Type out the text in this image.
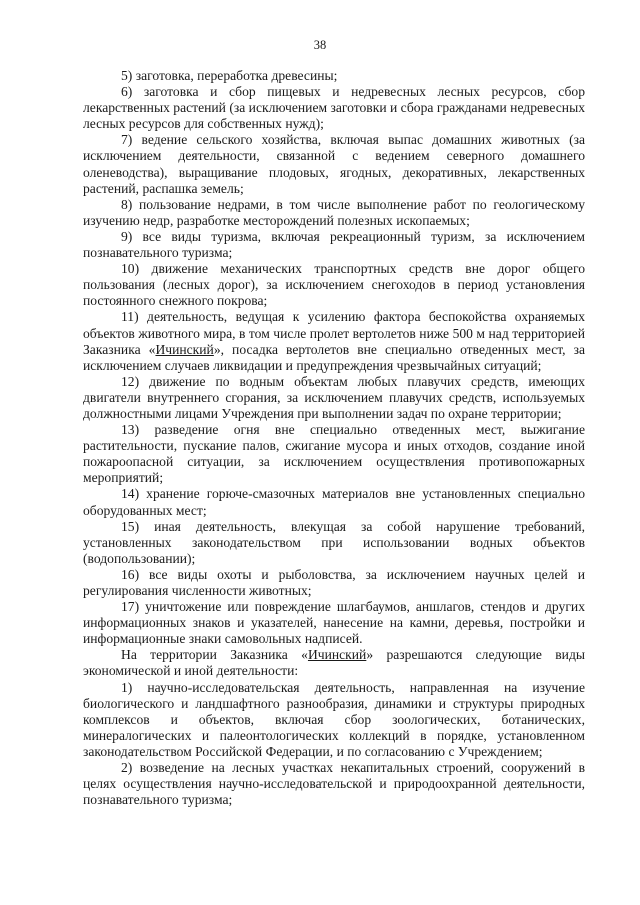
38

5) заготовка, переработка древесины;

6) заготовка и сбор пищевых и недревесных лесных ресурсов, сбор лекарственных растений (за исключением заготовки и сбора гражданами недревесных лесных ресурсов для собственных нужд);

7) ведение сельского хозяйства, включая выпас домашних животных (за исключением деятельности, связанной с ведением северного домашнего оленеводства), выращивание плодовых, ягодных, декоративных, лекарственных растений, распашка земель;

8) пользование недрами, в том числе выполнение работ по геологическому изучению недр, разработке месторождений полезных ископаемых;

9) все виды туризма, включая рекреационный туризм, за исключением познавательного туризма;

10) движение механических транспортных средств вне дорог общего пользования (лесных дорог), за исключением снегоходов в период установления постоянного снежного покрова;

11) деятельность, ведущая к усилению фактора беспокойства охраняемых объектов животного мира, в том числе пролет вертолетов ниже 500 м над территорией Заказника «Ичинский», посадка вертолетов вне специально отведенных мест, за исключением случаев ликвидации и предупреждения чрезвычайных ситуаций;

12) движение по водным объектам любых плавучих средств, имеющих двигатели внутреннего сгорания, за исключением плавучих средств, используемых должностными лицами Учреждения при выполнении задач по охране территории;

13) разведение огня вне специально отведенных мест, выжигание растительности, пускание палов, сжигание мусора и иных отходов, создание иной пожароопасной ситуации, за исключением осуществления противопожарных мероприятий;

14) хранение горюче-смазочных материалов вне установленных специально оборудованных мест;

15) иная деятельность, влекущая за собой нарушение требований, установленных законодательством при использовании водных объектов (водопользовании);

16) все виды охоты и рыболовства, за исключением научных целей и регулирования численности животных;

17) уничтожение или повреждение шлагбаумов, аншлагов, стендов и других информационных знаков и указателей, нанесение на камни, деревья, постройки и информационные знаки самовольных надписей.

На территории Заказника «Ичинский» разрешаются следующие виды экономической и иной деятельности:

1) научно-исследовательская деятельность, направленная на изучение биологического и ландшафтного разнообразия, динамики и структуры природных комплексов и объектов, включая сбор зоологических, ботанических, минералогических и палеонтологических коллекций в порядке, установленном законодательством Российской Федерации, и по согласованию с Учреждением;

2) возведение на лесных участках некапитальных строений, сооружений в целях осуществления научно-исследовательской и природоохранной деятельности, познавательного туризма;
